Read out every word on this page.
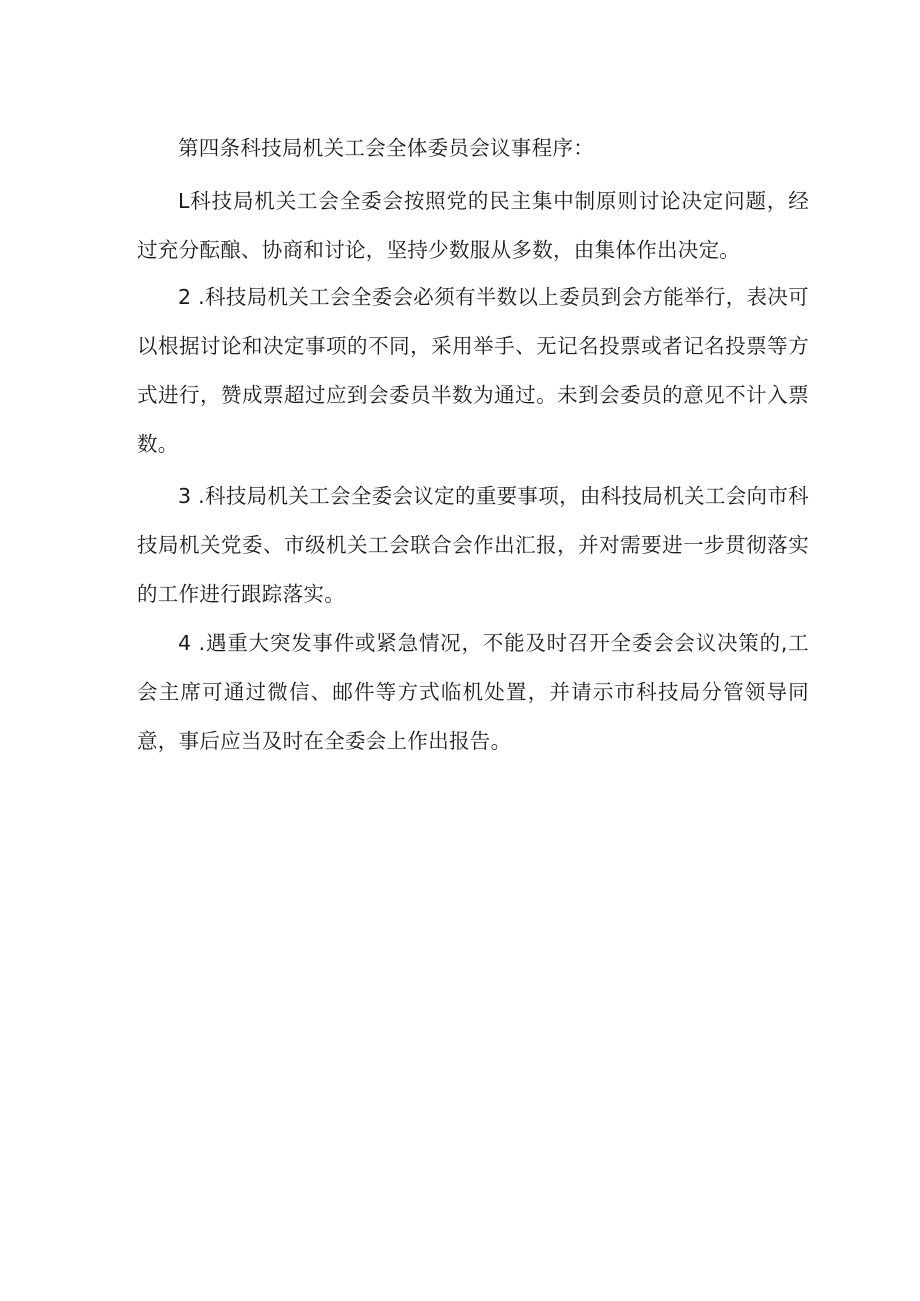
第四条科技局机关工会全体委员会议事程序：

L科技局机关工会全委会按照党的民主集中制原则讨论决定问题，经过充分酝酿、协商和讨论，坚持少数服从多数，由集体作出决定。

2 .科技局机关工会全委会必须有半数以上委员到会方能举行，表决可以根据讨论和决定事项的不同，采用举手、无记名投票或者记名投票等方式进行，赞成票超过应到会委员半数为通过。未到会委员的意见不计入票数。

3 .科技局机关工会全委会议定的重要事项，由科技局机关工会向市科技局机关党委、市级机关工会联合会作出汇报，并对需要进一步贯彻落实的工作进行跟踪落实。

4 .遇重大突发事件或紧急情况，不能及时召开全委会会议决策的,工会主席可通过微信、邮件等方式临机处置，并请示市科技局分管领导同意，事后应当及时在全委会上作出报告。
